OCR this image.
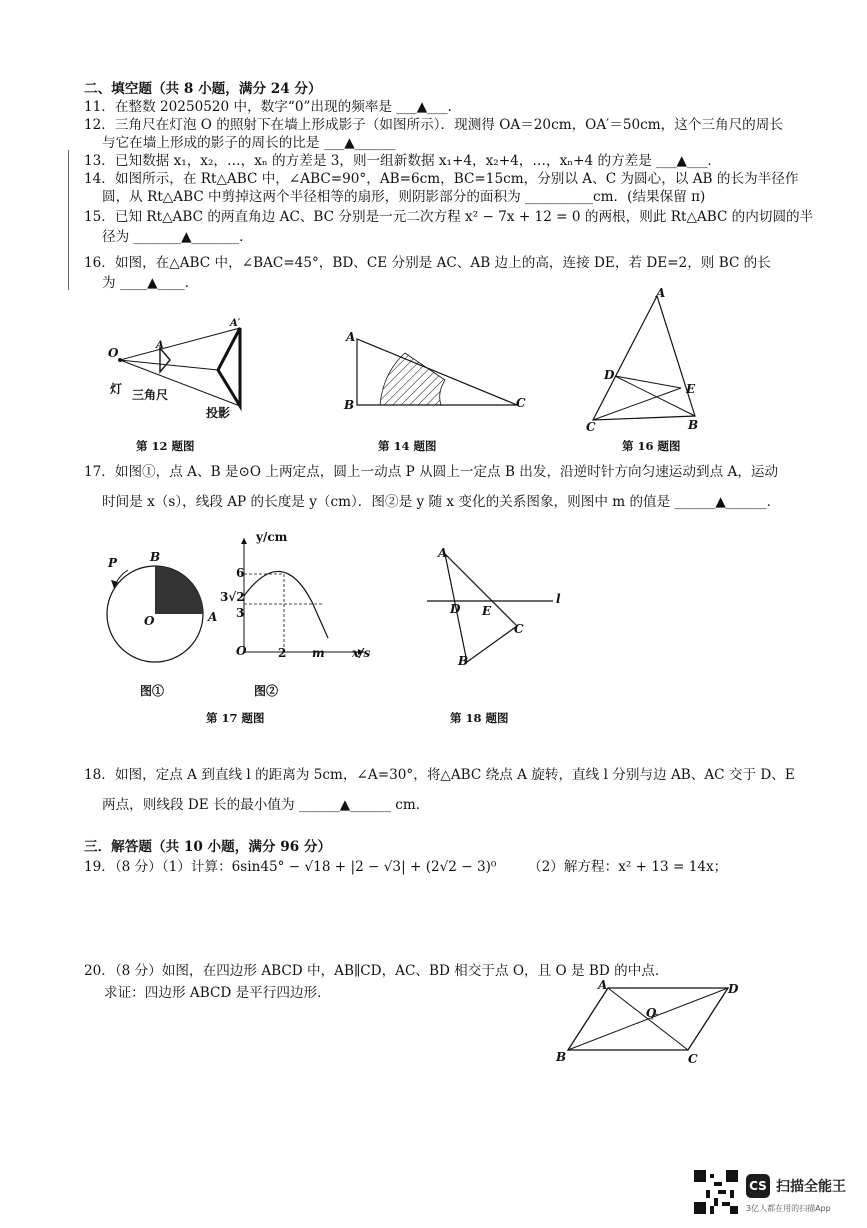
二、填空题（共 8 小题，满分 24 分）
11．在整数 20250520 中，数字“0”出现的频率是 ___▲___．
12．三角尺在灯泡 O 的照射下在墙上形成影子（如图所示）．现测得 OA＝20cm，OA′＝50cm，这个三角尺的周长
与它在墙上形成的影子的周长的比是 ___▲______
13．已知数据 x₁，x₂，…，xₙ 的方差是 3，则一组新数据 x₁+4，x₂+4，…，xₙ+4 的方差是 ___▲___．
14．如图所示，在 Rt△ABC 中，∠ABC=90°，AB=6cm，BC=15cm，分别以 A、C 为圆心，以 AB 的长为半径作
圆，从 Rt△ABC 中剪掉这两个半径相等的扇形，则阴影部分的面积为 __________cm．(结果保留 π)
15．已知 Rt△ABC 的两直角边 AC、BC 分别是一元二次方程 x² − 7x + 12 = 0 的两根，则此 Rt△ABC 的内切圆的半
径为 _______▲_______．
16．如图，在△ABC 中，∠BAC=45°，BD、CE 分别是 AC、AB 边上的高，连接 DE，若 DE=2，则 BC 的长
为 ____▲____．
O
A
A′
灯 三角尺
投影
第 12 题图
A
B	C
第 14 题图
A
D
E
C	B
第 16 题图
17．如图①，点 A、B 是⊙O 上两定点，圆上一动点 P 从圆上一定点 B 出发，沿逆时针方向匀速运动到点 A，运动
时间是 x（s），线段 AP 的长度是 y（cm）．图②是 y 随 x 变化的关系图象，则图中 m 的值是 ______▲______．
P	B
O	A
图①
y/cm
6
3√2
3
O	2 m x/s
图②
第 17 题图
A
D E
C
B
l
第 18 题图
18．如图，定点 A 到直线 l 的距离为 5cm，∠A=30°，将△ABC 绕点 A 旋转，直线 l 分别与边 AB、AC 交于 D、E
两点，则线段 DE 长的最小值为 ______▲______ cm．
三．解答题（共 10 小题，满分 96 分）
19．（8 分）（1）计算：6sin45° − √18 + |2 − √3| + (2√2 − 3)⁰ （2）解方程：x² + 13 = 14x；
20．（8 分）如图，在四边形 ABCD 中，AB∥CD，AC、BD 相交于点 O，且 O 是 BD 的中点．
求证：四边形 ABCD 是平行四边形．	A	D
O
B	C
CS 扫描全能王
3亿人都在用的扫描App
